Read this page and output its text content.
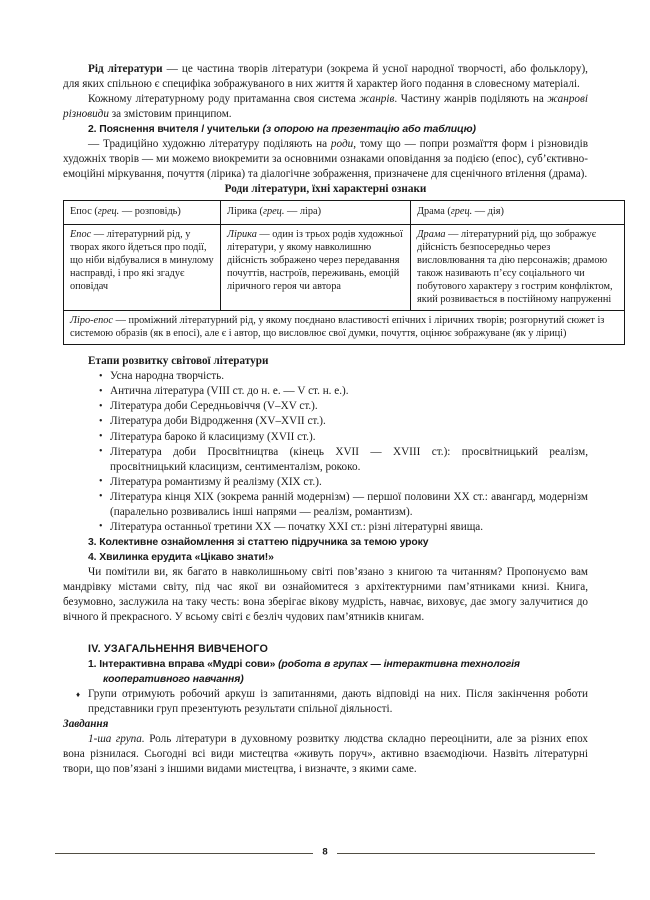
Рід літератури — це частина творів літератури (зокрема й усної народної творчості, або фольклору), для яких спільною є специфіка зображуваного в них життя й характер його подання в словесному матеріалі.

Кожному літературному роду притаманна своя система жанрів. Частину жанрів поділяють на жанрові різновиди за змістовим принципом.

2. Пояснення вчителя / учительки (з опорою на презентацію або таблицю)

— Традиційно художню літературу поділяють на роди, тому що — попри розмаїття форм і різновидів художніх творів — ми можемо виокремити за основними ознаками оповідання за подією (епос), суб’єктивно-емоційні міркування, почуття (лірика) та діалогічне зображення, призначене для сценічного втілення (драма).

Роди літератури, їхні характерні ознаки

Епос (грец. — розповідь)	Лірика (грец. — ліра)	Драма (грец. — дія)
Епос — літературний рід, у творах якого йдеться про події, що ніби відбувалися в минулому насправді, і про які згадує оповідач	Лірика — один із трьох родів художньої літератури, у якому навколишню дійсність зображено через передавання почуттів, настроїв, переживань, емоцій ліричного героя чи автора	Драма — літературний рід, що зображує дійсність безпосередньо через висловлювання та дію персонажів; драмою також називають п’єсу соціального чи побутового характеру з гострим конфліктом, який розвивається в постійному напруженні
Ліро-епос — проміжний літературний рід, у якому поєднано властивості епічних і ліричних творів; розгорнутий сюжет із системою образів (як в епосі), але є і автор, що висловлює свої думки, почуття, оцінює зображуване (як у ліриці)		

Етапи розвитку світової літератури

• Усна народна творчість.
• Антична література (VIII ст. до н. е. — V ст. н. е.).
• Література доби Середньовіччя (V–XV ст.).
• Література доби Відродження (XV–XVII ст.).
• Література бароко й класицизму (XVII ст.).
• Література доби Просвітництва (кінець XVII — XVIII ст.): просвітницький реалізм, просвітницький класицизм, сентименталізм, рококо.
• Література романтизму й реалізму (XIX ст.).
• Література кінця XIX (зокрема ранній модернізм) — першої половини XX ст.: авангард, модернізм (паралельно розвивались інші напрями — реалізм, романтизм).
• Література останньої третини XX — початку XXI ст.: різні літературні явища.

3. Колективне ознайомлення зі статтею підручника за темою уроку

4. Хвилинка ерудита «Цікаво знати!»

Чи помітили ви, як багато в навколишньому світі пов’язано з книгою та читанням? Пропонуємо вам мандрівку містами світу, під час якої ви ознайомитеся з архітектурними пам’ятниками книзі. Книга, безумовно, заслужила на таку честь: вона зберігає вікову мудрість, навчає, виховує, дає змогу залучитися до вічного й прекрасного. У всьому світі є безліч чудових пам’ятників книгам.

IV. УЗАГАЛЬНЕННЯ ВИВЧЕНОГО

1. Інтерактивна вправа «Мудрі сови» (робота в групах — інтерактивна технологія

кооперативного навчання)

♦ Групи отримують робочий аркуш із запитаннями, дають відповіді на них. Після закінчення роботи представники груп презентують результати спільної діяльності.

Завдання

1-ша група. Роль літератури в духовному розвитку людства складно переоцінити, але за різних епох вона різнилася. Сьогодні всі види мистецтва «живуть поруч», активно взаємодіючи. Назвіть літературні твори, що пов’язані з іншими видами мистецтва, і визначте, з якими саме.

8
